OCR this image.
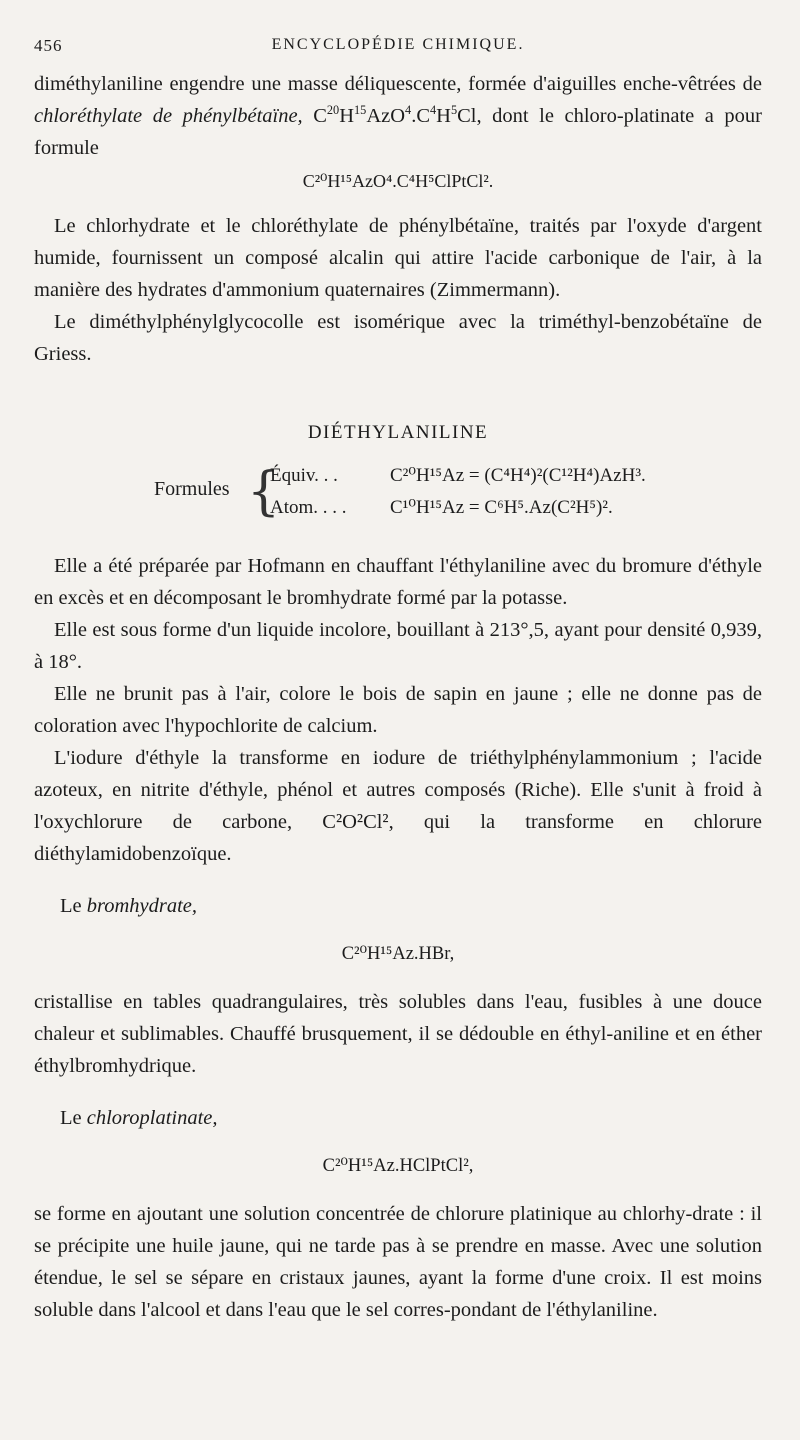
456	ENCYCLOPÉDIE CHIMIQUE.

diméthylaniline engendre une masse déliquescente, formée d'aiguilles enche-vêtrées de chloréthylate de phénylbétaïne, $C^{20}H^{15}AzO^4.C^4H^5Cl$, dont le chloro-platinate a pour formule

C²⁰H¹⁵AzO⁴.C⁴H⁵ClPtCl².

Le chlorhydrate et le chloréthylate de phénylbétaïne, traités par l'oxyde d'argent humide, fournissent un composé alcalin qui attire l'acide carbonique de l'air, à la manière des hydrates d'ammonium quaternaires (Zimmermann).

Le diméthylphénylglycocolle est isomérique avec la triméthyl-benzobétaïne de Griess.

DIÉTHYLANILINE
Formules {
Équiv. . .	C²⁰H¹⁵Az = (C⁴H⁴)²(C¹²H⁴)AzH³.
Atom. . . . C¹⁰H¹⁵Az = C⁶H⁵.Az(C²H⁵)².

Elle a été préparée par Hofmann en chauffant l'éthylaniline avec du bromure d'éthyle en excès et en décomposant le bromhydrate formé par la potasse.

Elle est sous forme d'un liquide incolore, bouillant à 213°,5, ayant pour densité 0,939, à 18°.

Elle ne brunit pas à l'air, colore le bois de sapin en jaune ; elle ne donne pas de coloration avec l'hypochlorite de calcium.

L'iodure d'éthyle la transforme en iodure de triéthylphénylammonium ; l'acide azoteux, en nitrite d'éthyle, phénol et autres composés (Riche). Elle s'unit à froid à l'oxychlorure de carbone, C²O²Cl², qui la transforme en chlorure diéthylamidobenzoïque.

Le bromhydrate,

C²⁰H¹⁵Az.HBr,

cristallise en tables quadrangulaires, très solubles dans l'eau, fusibles à une douce chaleur et sublimables. Chauffé brusquement, il se dédouble en éthyl-aniline et en éther éthylbromhydrique.

Le chloroplatinate,

C²⁰H¹⁵Az.HClPtCl²,

se forme en ajoutant une solution concentrée de chlorure platinique au chlorhy-drate : il se précipite une huile jaune, qui ne tarde pas à se prendre en masse. Avec une solution étendue, le sel se sépare en cristaux jaunes, ayant la forme d'une croix. Il est moins soluble dans l'alcool et dans l'eau que le sel corres-pondant de l'éthylaniline.
